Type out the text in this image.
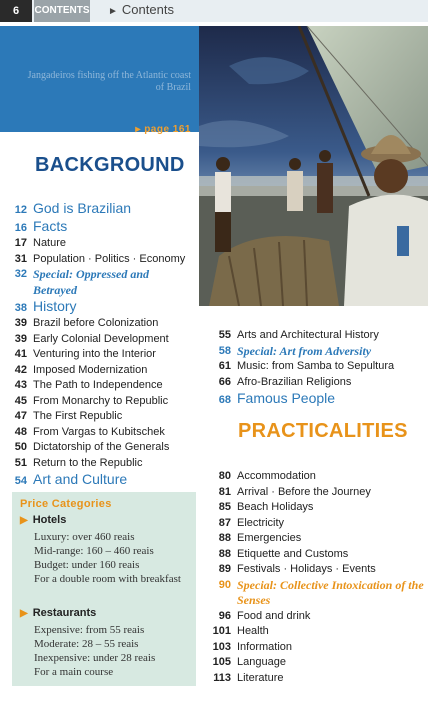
6	CONTENTS ► Contents
Jangadeiros fishing off the Atlantic coast of Brazil
▸ page 161
BACKGROUND
12 God is Brazilian
16 Facts
17 Nature
31 Population · Politics · Economy
32 Special: Oppressed and Betrayed
38 History
39 Brazil before Colonization
39 Early Colonial Development
41 Venturing into the Interior
42 Imposed Modernization
43 The Path to Independence
45 From Monarchy to Republic
47 The First Republic
48 From Vargas to Kubitschek
50 Dictatorship of the Generals
51 Return to the Republic
54 Art and Culture
55 Arts and Architectural History
58 Special: Art from Adversity
61 Music: from Samba to Sepultura
66 Afro-Brazilian Religions
68 Famous People
PRACTICALITIES
80 Accommodation
81 Arrival · Before the Journey
85 Beach Holidays
87 Electricity
88 Emergencies
88 Etiquette and Customs
89 Festivals · Holidays · Events
90 Special: Collective Intoxication of the Senses
96 Food and drink
101 Health
103 Information
105 Language
113 Literature
Price Categories
▶ Hotels
Luxury: over 460 reais
Mid-range: 160 – 460 reais
Budget: under 160 reais
For a double room with breakfast
▶ Restaurants
Expensive: from 55 reais
Moderate: 28 – 55 reais
Inexpensive: under 28 reais
For a main course
